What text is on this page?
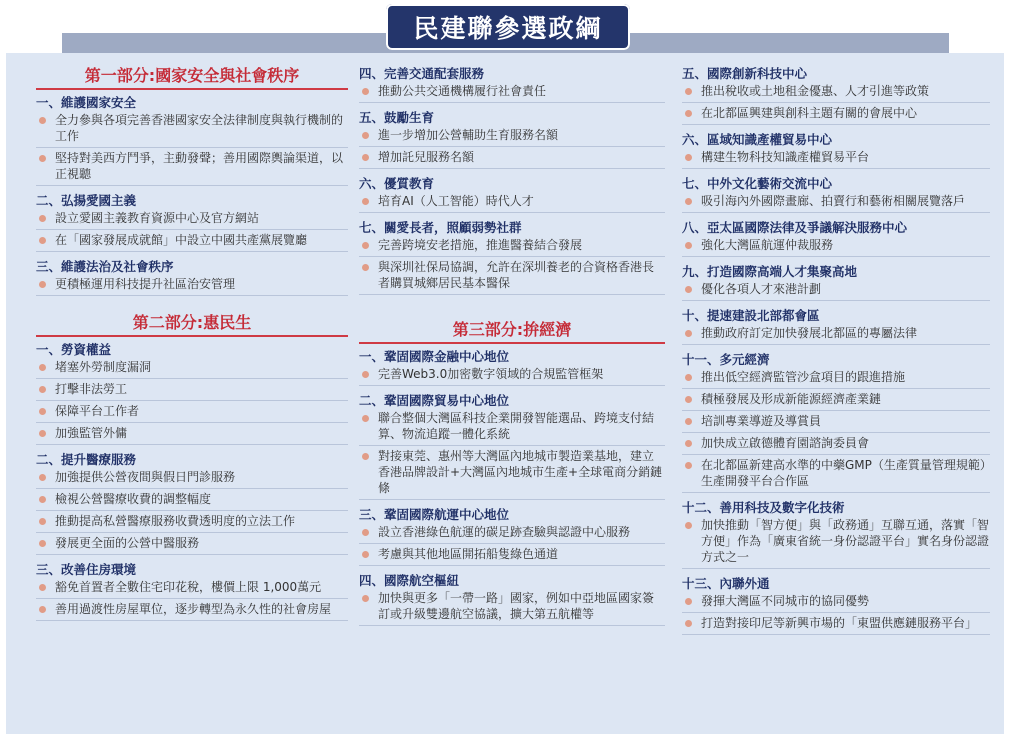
民建聯參選政綱
第一部分:國家安全與社會秩序
一、維護國家安全
全力參與各項完善香港國家安全法律制度與執行機制的工作
堅持對美西方鬥爭，主動發聲；善用國際輿論渠道，以正視聽
二、弘揚愛國主義
設立愛國主義教育資源中心及官方網站
在「國家發展成就館」中設立中國共產黨展覽廳
三、維護法治及社會秩序
更積極運用科技提升社區治安管理
第二部分:惠民生
一、勞資權益
堵塞外勞制度漏洞
打擊非法勞工
保障平台工作者
加強監管外傭
二、提升醫療服務
加強提供公營夜間與假日門診服務
檢視公營醫療收費的調整幅度
推動提高私營醫療服務收費透明度的立法工作
發展更全面的公營中醫服務
三、改善住房環境
豁免首置者全數住宅印花稅，樓價上限 1,000萬元
善用過渡性房屋單位，逐步轉型為永久性的社會房屋
四、完善交通配套服務
推動公共交通機構履行社會責任
五、鼓勵生育
進一步增加公營輔助生育服務名額
增加託兒服務名額
六、優質教育
培育AI（人工智能）時代人才
七、關愛長者，照顧弱勢社群
完善跨境安老措施，推進醫養結合發展
與深圳社保局協調，允許在深圳養老的合資格香港長者購買城鄉居民基本醫保
第三部分:拚經濟
一、鞏固國際金融中心地位
完善Web3.0加密數字領域的合規監管框架
二、鞏固國際貿易中心地位
聯合整個大灣區科技企業開發智能選品、跨境支付結算、物流追蹤一體化系統
對接東莞、惠州等大灣區內地城市製造業基地，建立香港品牌設計+大灣區內地城市生產+全球電商分銷鏈條
三、鞏固國際航運中心地位
設立香港綠色航運的碳足跡查驗與認證中心服務
考慮與其他地區開拓船隻綠色通道
四、國際航空樞紐
加快與更多「一帶一路」國家，例如中亞地區國家簽訂或升級雙邊航空協議，擴大第五航權等
五、國際創新科技中心
推出稅收或土地租金優惠、人才引進等政策
在北都區興建與創科主題有關的會展中心
六、區域知識產權貿易中心
構建生物科技知識產權貿易平台
七、中外文化藝術交流中心
吸引海內外國際畫廊、拍賣行和藝術相關展覽落戶
八、亞太區國際法律及爭議解決服務中心
強化大灣區航運仲裁服務
九、打造國際高端人才集聚高地
優化各項人才來港計劃
十、提速建設北部都會區
推動政府訂定加快發展北都區的專屬法律
十一、多元經濟
推出低空經濟監管沙盒項目的跟進措施
積極發展及形成新能源經濟產業鏈
培訓專業導遊及導賞員
加快成立啟德體育園諮詢委員會
在北都區新建高水準的中藥GMP（生產質量管理規範）生產開發平台合作區
十二、善用科技及數字化技術
加快推動「智方便」與「政務通」互聯互通，落實「智方便」作為「廣東省統一身份認證平台」實名身份認證方式之一
十三、內聯外通
發揮大灣區不同城市的協同優勢
打造對接印尼等新興市場的「東盟供應鏈服務平台」
